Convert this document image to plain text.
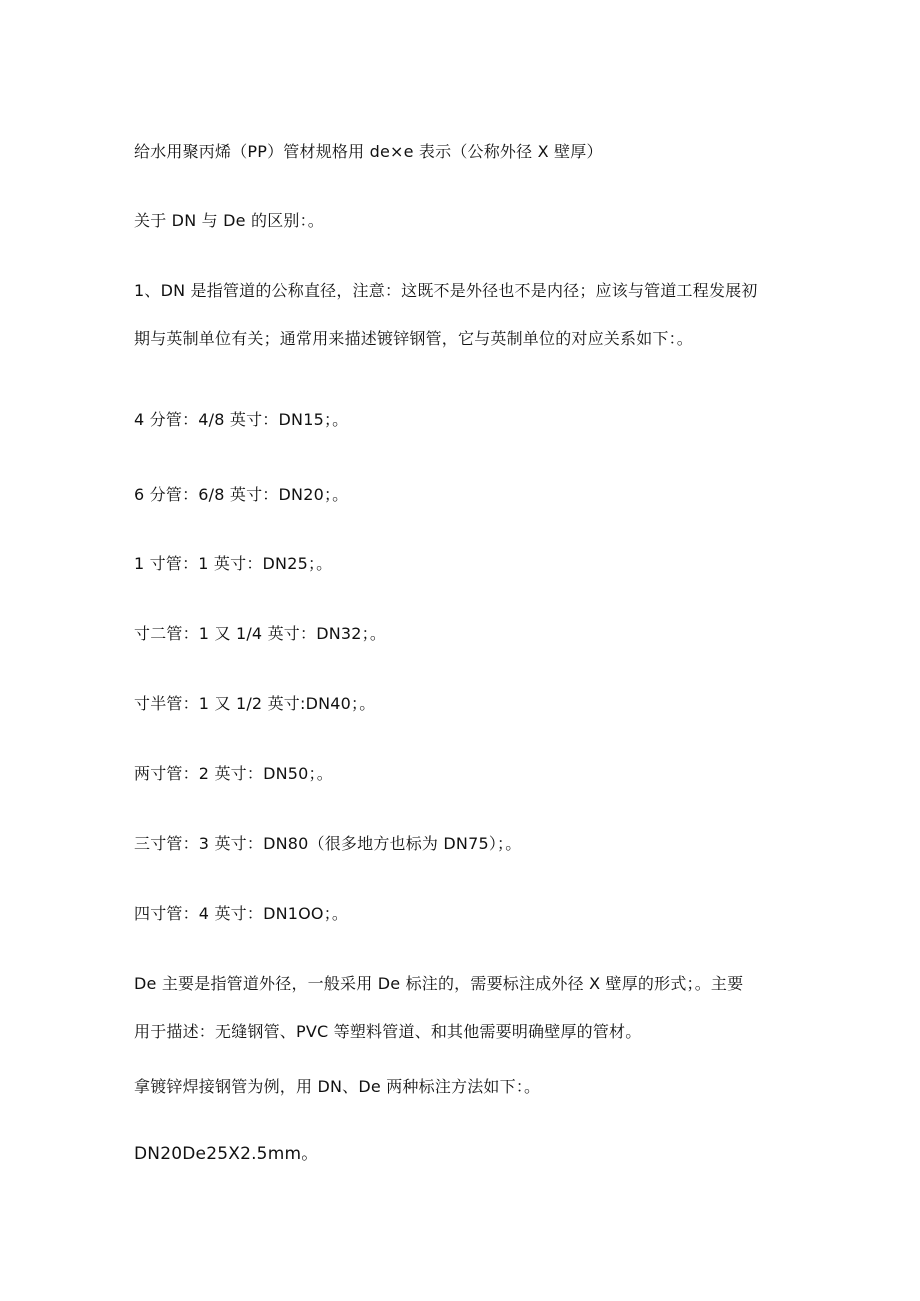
给水用聚丙烯（PP）管材规格用 de×e 表示（公称外径 X 壁厚）

关于 DN 与 De 的区别：。

1、DN 是指管道的公称直径，注意：这既不是外径也不是内径；应该与管道工程发展初

期与英制单位有关；通常用来描述镀锌钢管，它与英制单位的对应关系如下：。

4 分管：4/8 英寸：DN15；。

6 分管：6/8 英寸：DN20；。

1 寸管：1 英寸：DN25；。

寸二管：1 又 1/4 英寸：DN32；。

寸半管：1 又 1/2 英寸:DN40；。

两寸管：2 英寸：DN50；。

三寸管：3 英寸：DN80（很多地方也标为 DN75）；。

四寸管：4 英寸：DN1OO；。

De 主要是指管道外径，一般采用 De 标注的，需要标注成外径 X 壁厚的形式；。主要

用于描述：无缝钢管、PVC 等塑料管道、和其他需要明确壁厚的管材。

拿镀锌焊接钢管为例，用 DN、De 两种标注方法如下：。

DN20De25X2.5mm。
